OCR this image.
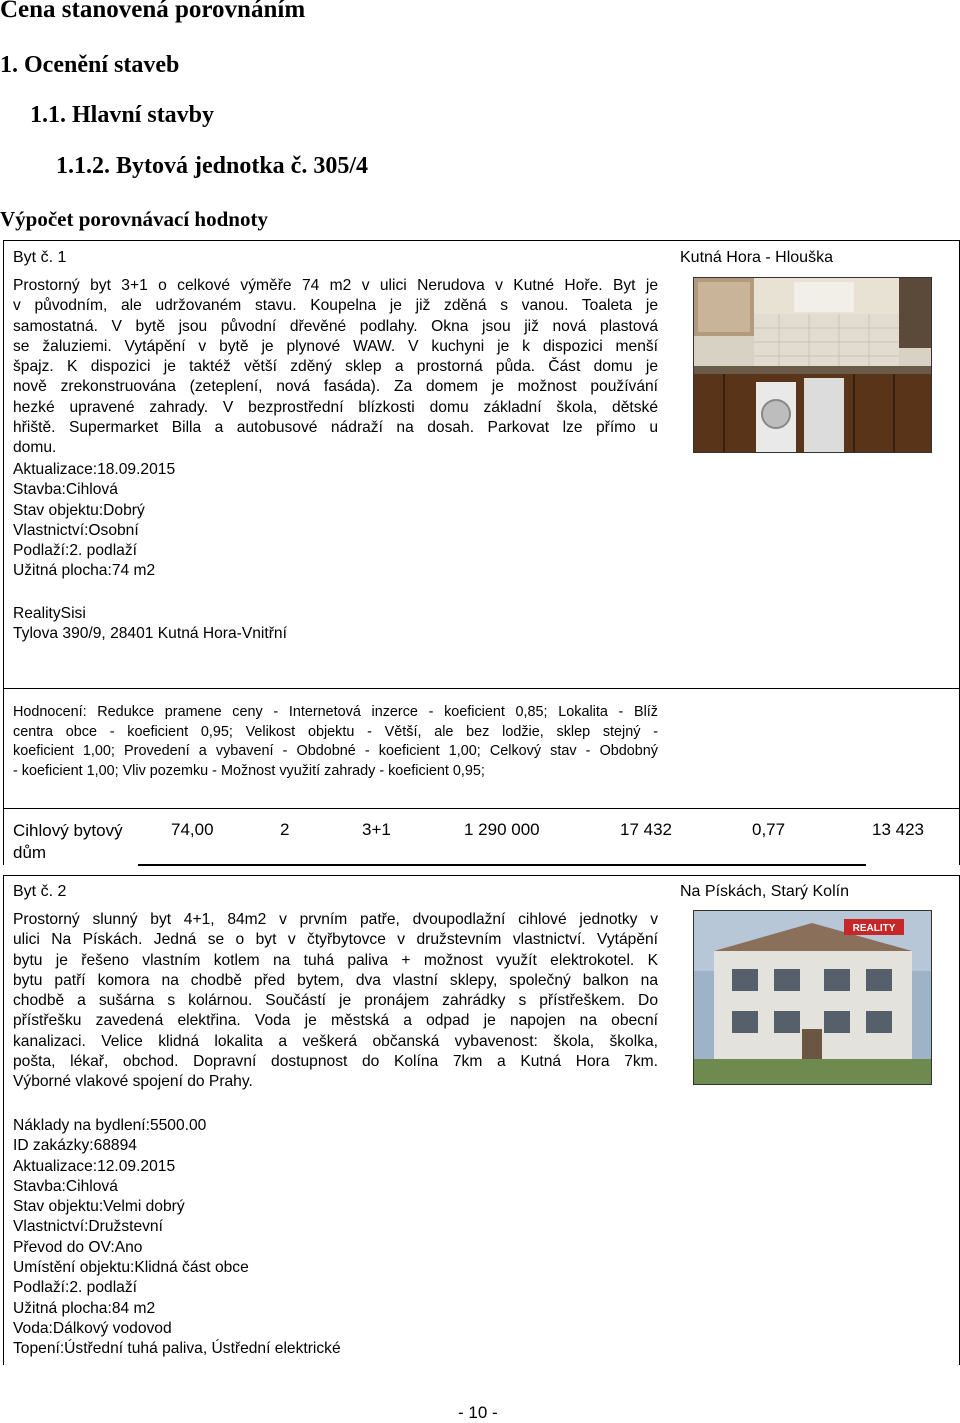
Cena stanovená porovnáním
1. Ocenění staveb
1.1. Hlavní stavby
1.1.2. Bytová jednotka č. 305/4
Výpočet porovnávací hodnoty
Byt č. 1	Kutná Hora - Hlouška
Prostorný byt 3+1 o celkové výměře 74 m2 v ulici Nerudova v Kutné Hoře. Byt je
v původním, ale udržovaném stavu. Koupelna je již zděná s vanou. Toaleta je
samostatná. V bytě jsou původní dřevěné podlahy. Okna jsou již nová plastová
se žaluziemi. Vytápění v bytě je plynové WAW. V kuchyni je k dispozici menší
špajz. K dispozici je taktéž větší zděný sklep a prostorná půda. Část domu je
nově zrekonstruována (zeteplení, nová fasáda). Za domem je možnost používání
hezké upravené zahrady. V bezprostřední blízkosti domu základní škola, dětské
hřiště. Supermarket Billa a autobusové nádraží na dosah. Parkovat lze přímo u
domu.
Aktualizace:18.09.2015
Stavba:Cihlová
Stav objektu:Dobrý
Vlastnictví:Osobní
Podlaží:2. podlaží
Užitná plocha:74 m2
RealitySisi
Tylova 390/9, 28401 Kutná Hora-Vnitřní
Hodnocení: Redukce pramene ceny - Internetová inzerce - koeficient 0,85; Lokalita - Blíž
centra obce - koeficient 0,95; Velikost objektu - Větší, ale bez lodžie, sklep stejný -
koeficient 1,00; Provedení a vybavení - Obdobné - koeficient 1,00; Celkový stav - Obdobný
- koeficient 1,00; Vliv pozemku - Možnost využití zahrady - koeficient 0,95;
Cihlový bytový
dům
74,00	2	3+1	1 290 000	17 432	0,77	13 423
Byt č. 2	Na Pískách, Starý Kolín
Prostorný slunný byt 4+1, 84m2 v prvním patře, dvoupodlažní cihlové jednotky v
ulici Na Pískách. Jedná se o byt v čtyřbytovce v družstevním vlastnictví. Vytápění
bytu je řešeno vlastním kotlem na tuhá paliva + možnost využít elektrokotel. K
bytu patří komora na chodbě před bytem, dva vlastní sklepy, společný balkon na
chodbě a sušárna s kolárnou. Součástí je pronájem zahrádky s přístřeškem. Do
přístřešku zavedená elektřina. Voda je městská a odpad je napojen na obecní
kanalizaci. Velice klidná lokalita a veškerá občanská vybavenost: škola, školka,
pošta, lékař, obchod. Dopravní dostupnost do Kolína 7km a Kutná Hora 7km.
Výborné vlakové spojení do Prahy.
Náklady na bydlení:5500.00
ID zakázky:68894
Aktualizace:12.09.2015
Stavba:Cihlová
Stav objektu:Velmi dobrý
Vlastnictví:Družstevní
Převod do OV:Ano
Umístění objektu:Klidná část obce
Podlaží:2. podlaží
Užitná plocha:84 m2
Voda:Dálkový vodovod
Topení:Ústřední tuhá paliva, Ústřední elektrické
REALITY
- 10 -
